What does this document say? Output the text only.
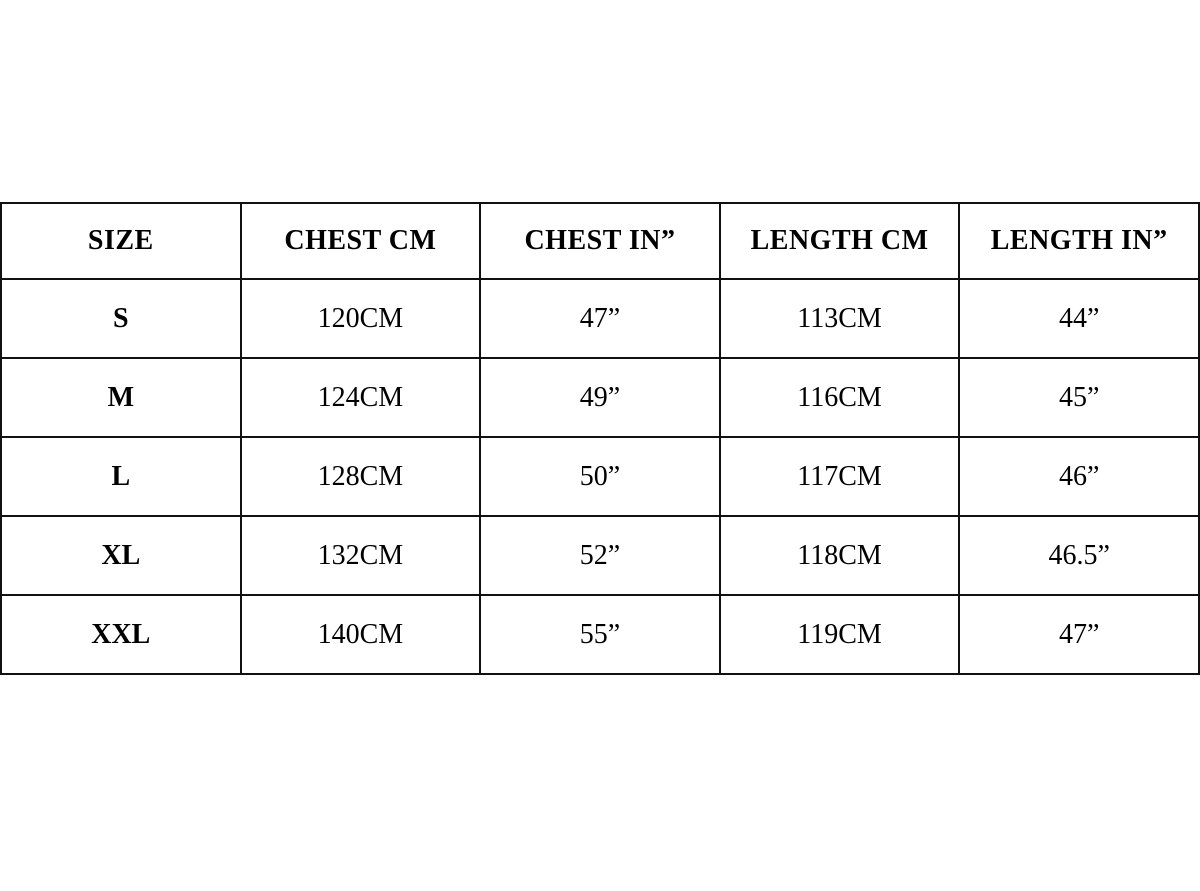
SIZE	CHEST CM	CHEST IN”	LENGTH CM	LENGTH IN”
S	120CM	47”	113CM	44”
M	124CM	49”	116CM	45”
L	128CM	50”	117CM	46”
XL	132CM	52”	118CM	46.5”
XXL	140CM	55”	119CM	47”
